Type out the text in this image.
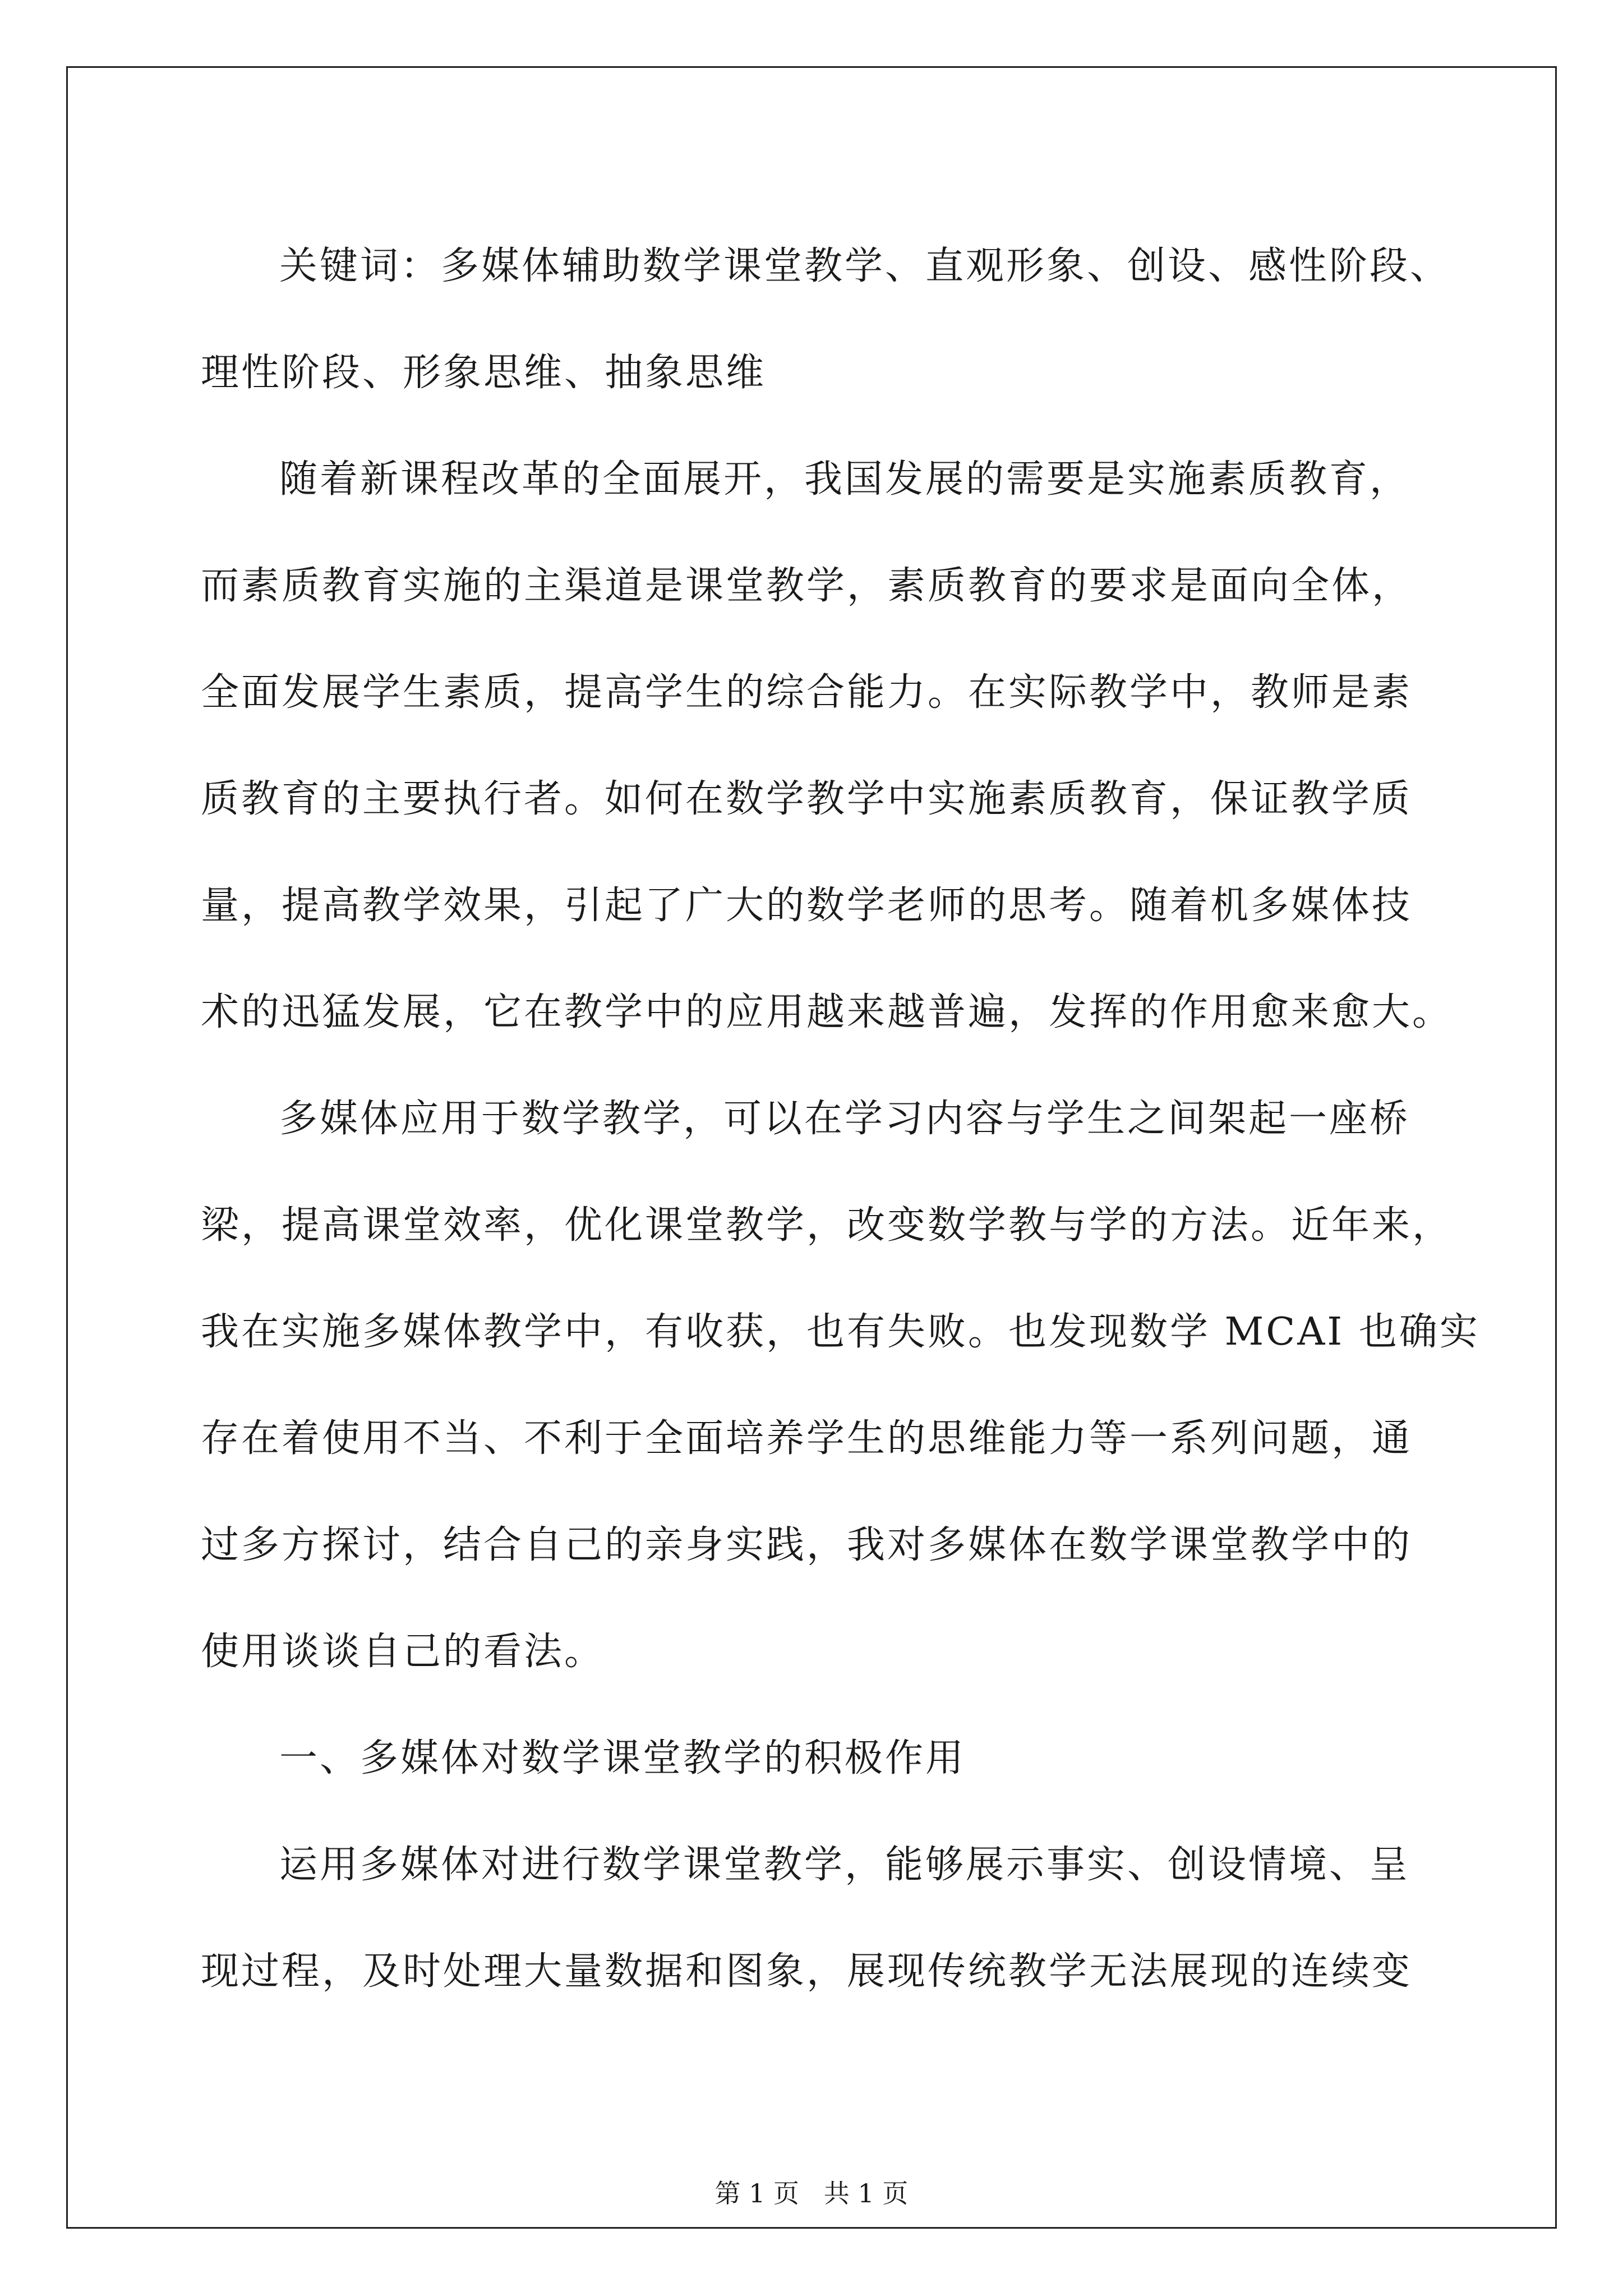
关键词：多媒体辅助数学课堂教学、直观形象、创设、感性阶段、
理性阶段、形象思维、抽象思维
随着新课程改革的全面展开，我国发展的需要是实施素质教育，
而素质教育实施的主渠道是课堂教学，素质教育的要求是面向全体，
全面发展学生素质，提高学生的综合能力。在实际教学中，教师是素
质教育的主要执行者。如何在数学教学中实施素质教育，保证教学质
量，提高教学效果，引起了广大的数学老师的思考。随着机多媒体技
术的迅猛发展，它在教学中的应用越来越普遍，发挥的作用愈来愈大。
多媒体应用于数学教学，可以在学习内容与学生之间架起一座桥
梁，提高课堂效率，优化课堂教学，改变数学教与学的方法。近年来，
我在实施多媒体教学中，有收获，也有失败。也发现数学 MCAI 也确实
存在着使用不当、不利于全面培养学生的思维能力等一系列问题，通
过多方探讨，结合自己的亲身实践，我对多媒体在数学课堂教学中的
使用谈谈自己的看法。
一、多媒体对数学课堂教学的积极作用
运用多媒体对进行数学课堂教学，能够展示事实、创设情境、呈
现过程，及时处理大量数据和图象，展现传统教学无法展现的连续变
第 1 页   共 1 页
